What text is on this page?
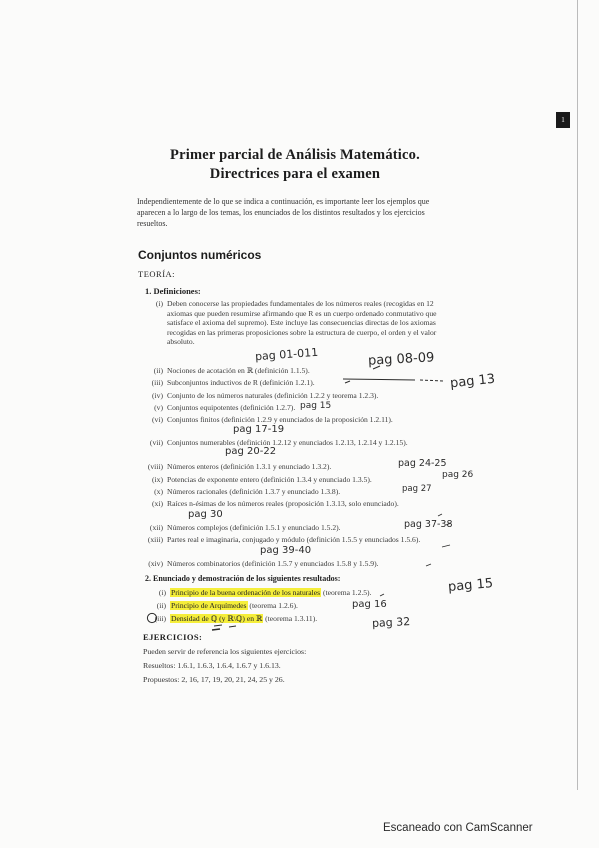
1
Primer parcial de Análisis Matemático.
Directrices para el examen
Independientemente de lo que se indica a continuación, es importante leer los ejemplos que aparecen a lo largo de los temas, los enunciados de los distintos resultados y los ejercicios resueltos.
Conjuntos numéricos
TEORÍA:
1. Definiciones:
(i) Deben conocerse las propiedades fundamentales de los números reales (recogidas en 12 axiomas que pueden resumirse afirmando que R es un cuerpo ordenado conmutativo que satisface el axioma del supremo). Este incluye las consecuencias directas de los axiomas recogidas en las primeras proposiciones sobre la estructura de cuerpo, el orden y el valor absoluto.
(ii) Nociones de acotación en ℝ (definición 1.1.5).
(iii) Subconjuntos inductivos de R (definición 1.2.1).
(iv) Conjunto de los números naturales (definición 1.2.2 y teorema 1.2.3).
(v) Conjuntos equipotentes (definición 1.2.7).
(vi) Conjuntos finitos (definición 1.2.9 y enunciados de la proposición 1.2.11).
(vii) Conjuntos numerables (definición 1.2.12 y enunciados 1.2.13, 1.2.14 y 1.2.15).
(viii) Números enteros (definición 1.3.1 y enunciado 1.3.2).
(ix) Potencias de exponente entero (definición 1.3.4 y enunciado 1.3.5).
(x) Números racionales (definición 1.3.7 y enunciado 1.3.8).
(xi) Raíces n-ésimas de los números reales (proposición 1.3.13, solo enunciado).
(xii) Números complejos (definición 1.5.1 y enunciado 1.5.2).
(xiii) Partes real e imaginaria, conjugado y módulo (definición 1.5.5 y enunciados 1.5.6).
(xiv) Números combinatorios (definición 1.5.7 y enunciados 1.5.8 y 1.5.9).
2. Enunciado y demostración de los siguientes resultados:
(i) Principio de la buena ordenación de los naturales (teorema 1.2.5).
(ii) Principio de Arquímedes (teorema 1.2.6).
(iii) Densidad de ℚ (y ℝ\ℚ) en ℝ (teorema 1.3.11).
pag 01-011	pag 08-09
pag 13
pag 15
pag 17-19
pag 20-22
pag 24-25
pag 26
pag 27
pag 30
pag 37-38
pag 39-40
pag 15
pag 16
pag 32
EJERCICIOS:
Pueden servir de referencia los siguientes ejercicios:
Resueltos: 1.6.1, 1.6.3, 1.6.4, 1.6.7 y 1.6.13.
Propuestos: 2, 16, 17, 19, 20, 21, 24, 25 y 26.
Escaneado con CamScanner
